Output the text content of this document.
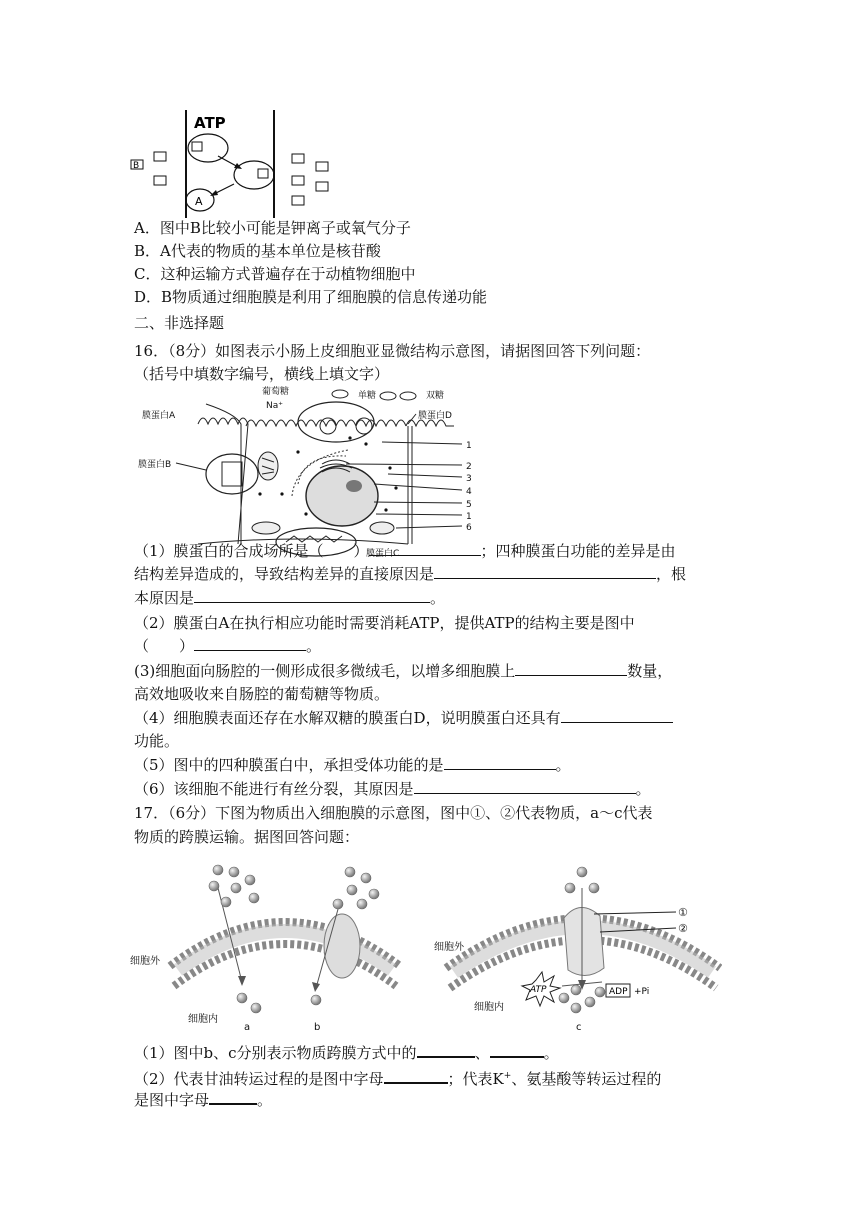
ATP
A
B
A．图中B比较小可能是钾离子或氧气分子
B．A代表的物质的基本单位是核苷酸
C．这种运输方式普遍存在于动植物细胞中
D．B物质通过细胞膜是利用了细胞膜的信息传递功能
二、非选择题
16．（8分）如图表示小肠上皮细胞亚显微结构示意图，请据图回答下列问题：
（括号中填数字编号，横线上填文字）
葡萄糖
Na⁺
单糖	双糖
膜蛋白A	膜蛋白D
膜蛋白B
膜蛋白C
1
2
3
4
5
1
6
（1）膜蛋白的合成场所是（　　）	；四种膜蛋白功能的差异是由
结构差异造成的，导致结构差异的直接原因是	，根
本原因是	。
（2）膜蛋白A在执行相应功能时需要消耗ATP，提供ATP的结构主要是图中
（　　）	。
(3)细胞面向肠腔的一侧形成很多微绒毛，以增多细胞膜上	数量，
高效地吸收来自肠腔的葡萄糖等物质。
（4）细胞膜表面还存在水解双糖的膜蛋白D，说明膜蛋白还具有
功能。
（5）图中的四种膜蛋白中，承担受体功能的是	。
（6）该细胞不能进行有丝分裂，其原因是	。
17．（6分）下图为物质出入细胞膜的示意图，图中①、②代表物质，a～c代表
物质的跨膜运输。据图回答问题：
ATP	ADP +Pi
细胞外
细胞内
细胞外
细胞内
a	b	c
①
②
（1）图中b、c分别表示物质跨膜方式中的	、	。
（2）代表甘油转运过程的是图中字母	；代表K+、氨基酸等转运过程的
是图中字母	。
